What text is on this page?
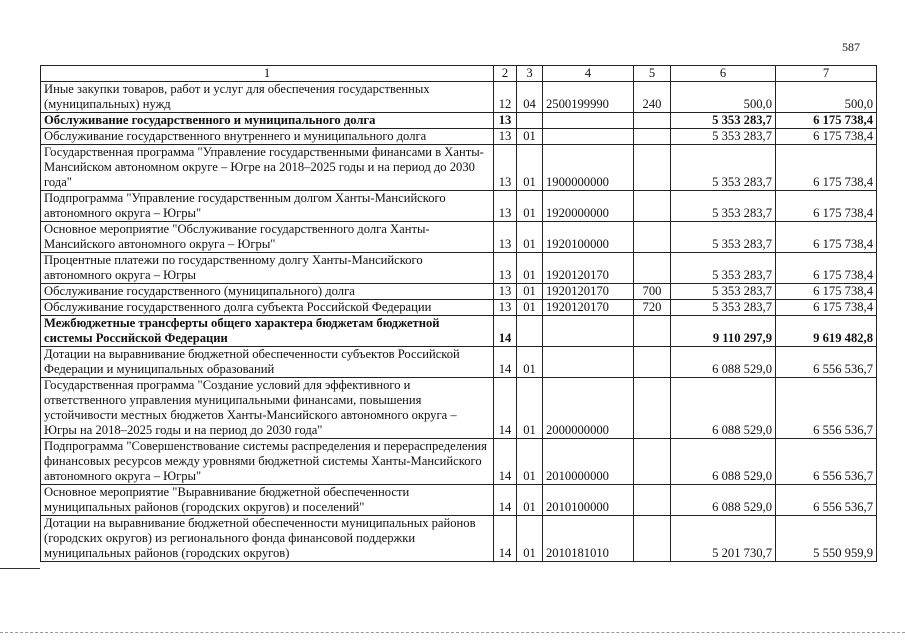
587
1	2	3	4	5	6	7
Иные закупки товаров, работ и услуг для обеспечения государственных (муниципальных) нужд	12	04	2500199990	240	500,0	500,0
Обслуживание государственного и муниципального долга	13				5 353 283,7	6 175 738,4
Обслуживание государственного внутреннего и муниципального долга	13	01			5 353 283,7	6 175 738,4
Государственная программа "Управление государственными финансами в Ханты-Мансийском автономном округе – Югре на 2018–2025 годы и на период до 2030 года"	13	01	1900000000		5 353 283,7	6 175 738,4
Подпрограмма "Управление государственным долгом Ханты-Мансийского автономного округа – Югры"	13	01	1920000000		5 353 283,7	6 175 738,4
Основное мероприятие "Обслуживание государственного долга Ханты-Мансийского автономного округа – Югры"	13	01	1920100000		5 353 283,7	6 175 738,4
Процентные платежи по государственному долгу Ханты-Мансийского автономного округа – Югры	13	01	1920120170		5 353 283,7	6 175 738,4
Обслуживание государственного (муниципального) долга	13	01	1920120170	700	5 353 283,7	6 175 738,4
Обслуживание государственного долга субъекта Российской Федерации	13	01	1920120170	720	5 353 283,7	6 175 738,4
Межбюджетные трансферты общего характера бюджетам бюджетной системы Российской Федерации	14				9 110 297,9	9 619 482,8
Дотации на выравнивание бюджетной обеспеченности субъектов Российской Федерации и муниципальных образований	14	01			6 088 529,0	6 556 536,7
Государственная программа "Создание условий для эффективного и ответственного управления муниципальными финансами, повышения устойчивости местных бюджетов Ханты-Мансийского автономного округа – Югры на 2018–2025 годы и на период до 2030 года"	14	01	2000000000		6 088 529,0	6 556 536,7
Подпрограмма "Совершенствование системы распределения и перераспределения финансовых ресурсов между уровнями бюджетной системы Ханты-Мансийского автономного округа – Югры"	14	01	2010000000		6 088 529,0	6 556 536,7
Основное мероприятие "Выравнивание бюджетной обеспеченности муниципальных районов (городских округов) и поселений"	14	01	2010100000		6 088 529,0	6 556 536,7
Дотации на выравнивание бюджетной обеспеченности муниципальных районов (городских округов) из регионального фонда финансовой поддержки муниципальных районов (городских округов)	14	01	2010181010		5 201 730,7	5 550 959,9
